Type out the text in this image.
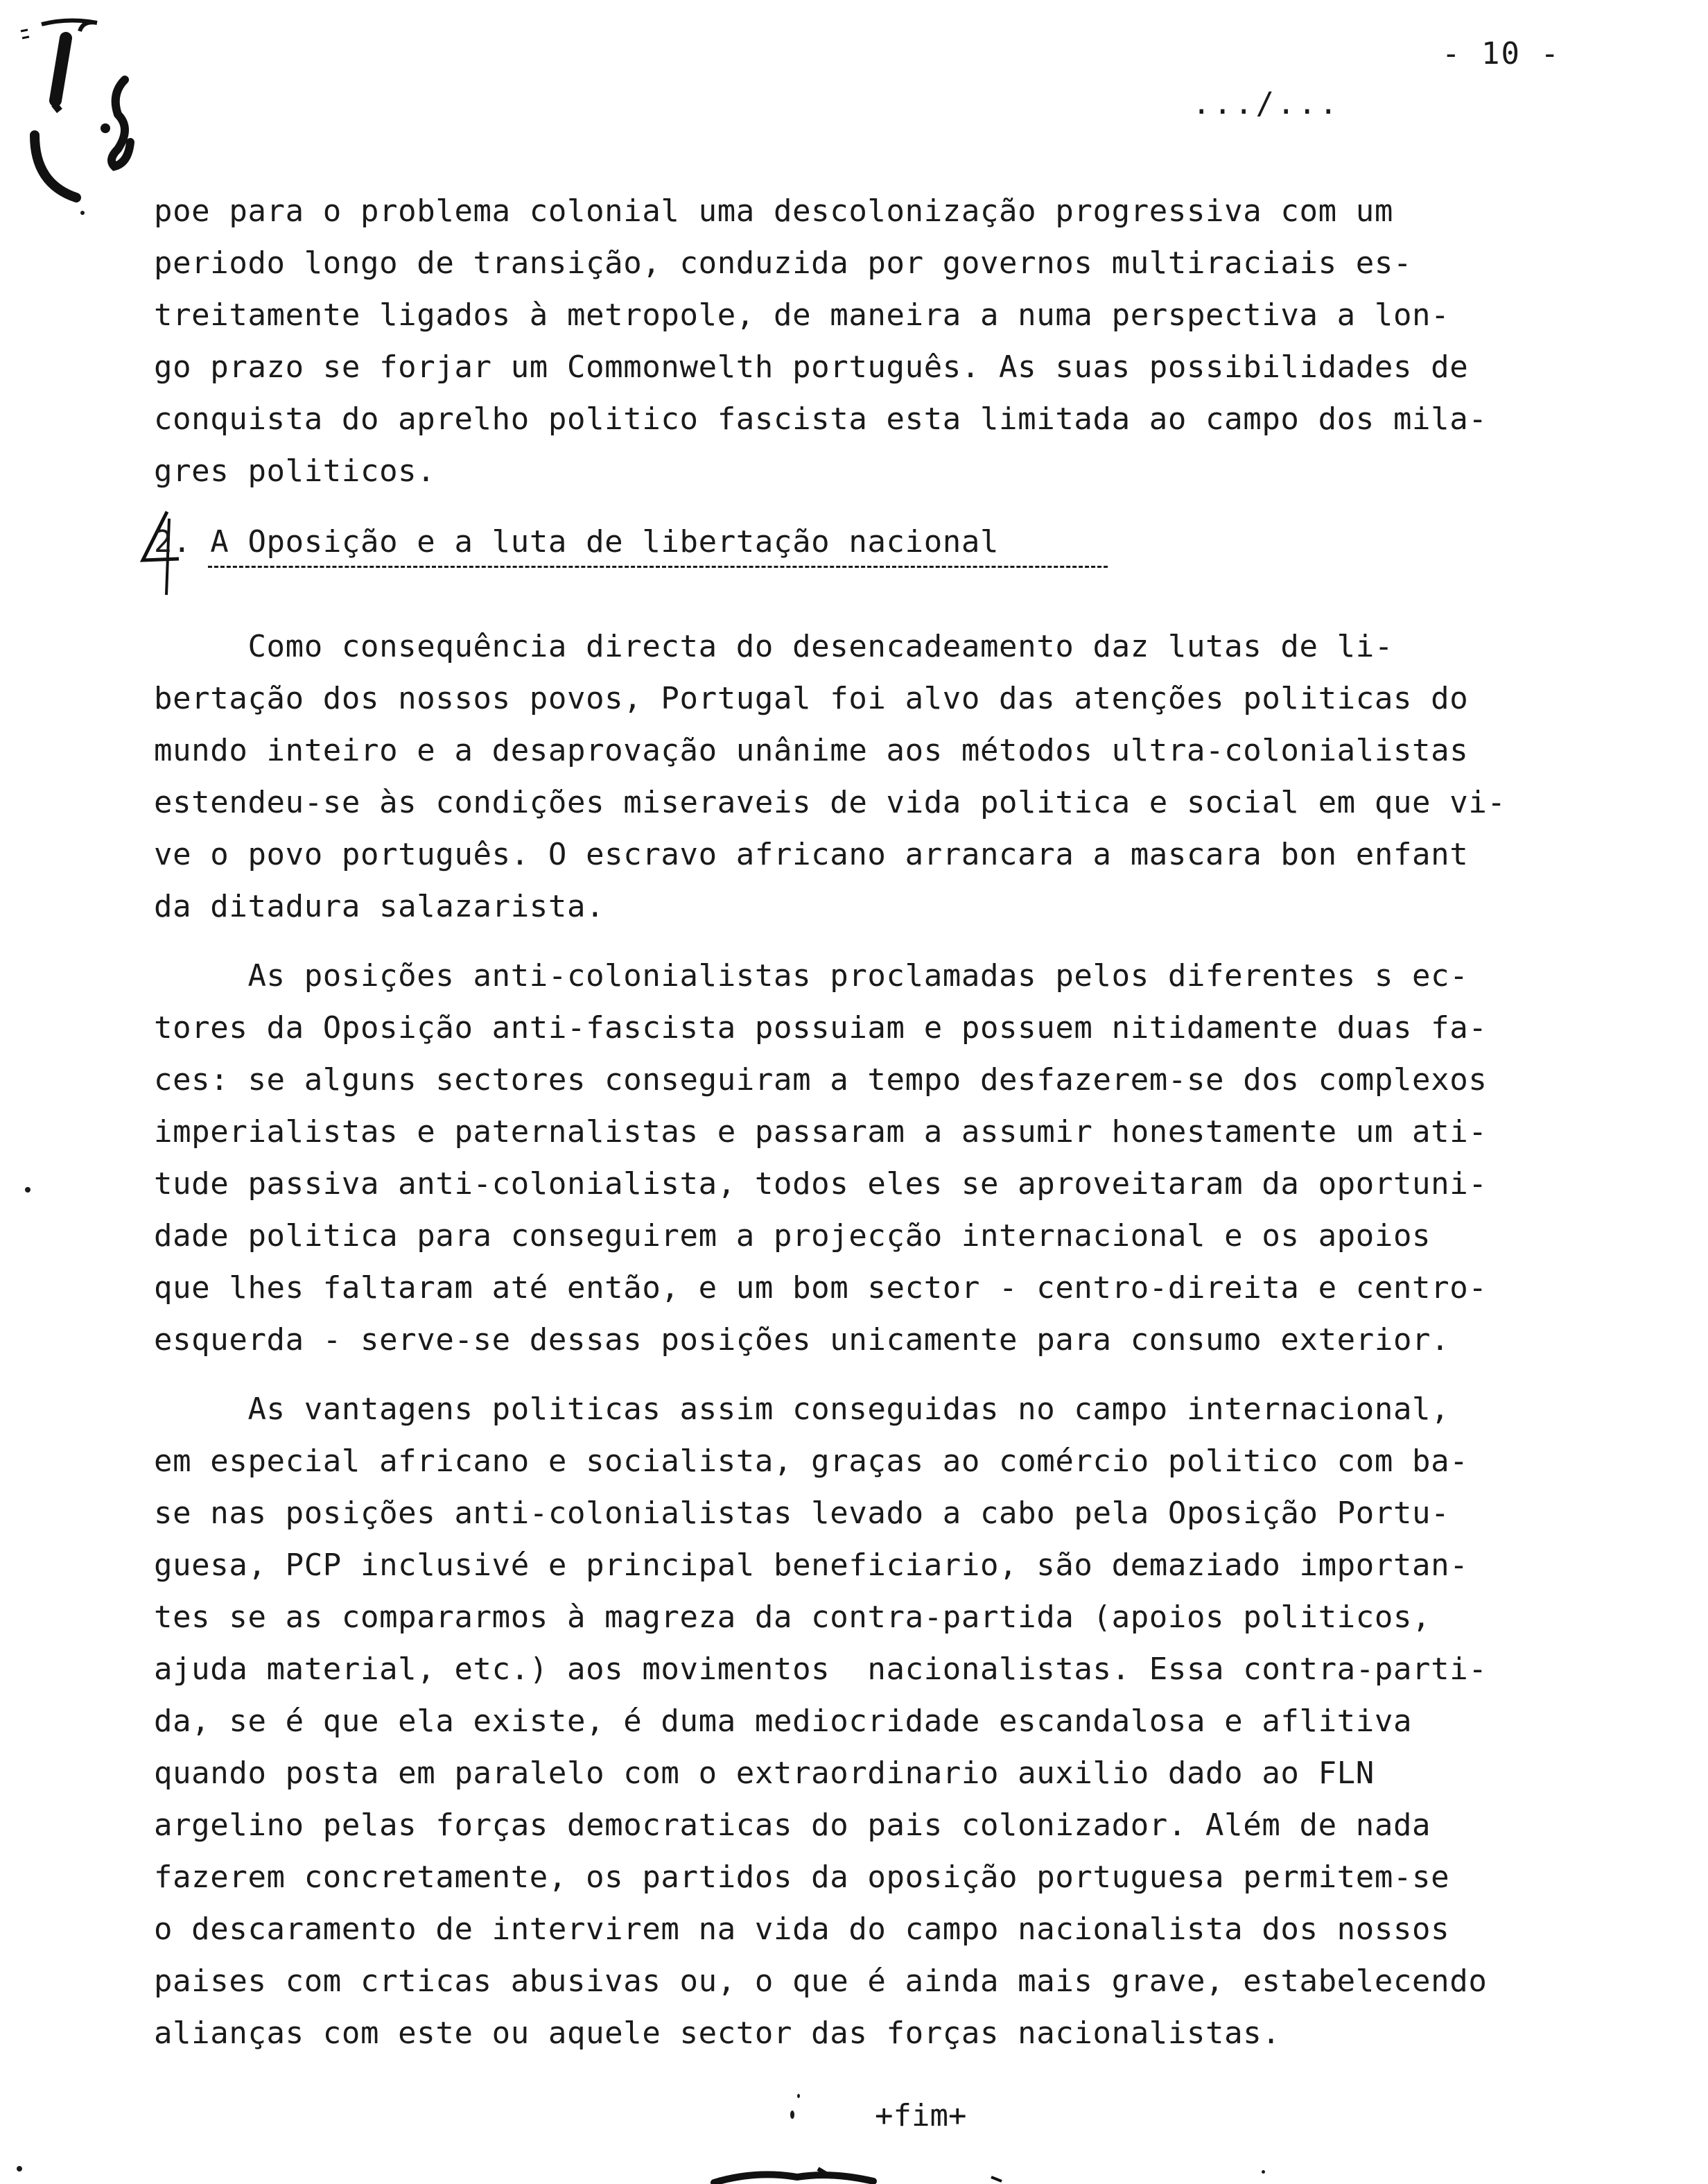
- 10 -
.../...
poe para o problema colonial uma descolonização progressiva com um
periodo longo de transição, conduzida por governos multiraciais es-
treitamente ligados à metropole, de maneira a numa perspectiva a lon-
go prazo se forjar um Commonwelth português. As suas possibilidades de
conquista do aprelho politico fascista esta limitada ao campo dos mila-
gres politicos.
2. A Oposição e a luta de libertação nacional
Como consequência directa do desencadeamento daz lutas de li-
bertação dos nossos povos, Portugal foi alvo das atenções politicas do
mundo inteiro e a desaprovação unânime aos métodos ultra-colonialistas
estendeu-se às condições miseraveis de vida politica e social em que vi-
ve o povo português. O escravo africano arrancara a mascara bon enfant
da ditadura salazarista.
As posições anti-colonialistas proclamadas pelos diferentes s ec-
tores da Oposição anti-fascista possuiam e possuem nitidamente duas fa-
ces: se alguns sectores conseguiram a tempo desfazerem-se dos complexos
imperialistas e paternalistas e passaram a assumir honestamente um ati-
tude passiva anti-colonialista, todos eles se aproveitaram da oportuni-
dade politica para conseguirem a projecção internacional e os apoios
que lhes faltaram até então, e um bom sector - centro-direita e centro-
esquerda - serve-se dessas posições unicamente para consumo exterior.
As vantagens politicas assim conseguidas no campo internacional,
em especial africano e socialista, graças ao comércio politico com ba-
se nas posições anti-colonialistas levado a cabo pela Oposição Portu-
guesa, PCP inclusivé e principal beneficiario, são demaziado importan-
tes se as compararmos à magreza da contra-partida (apoios politicos,
ajuda material, etc.) aos movimentos  nacionalistas. Essa contra-parti-
da, se é que ela existe, é duma mediocridade escandalosa e aflitiva
quando posta em paralelo com o extraordinario auxilio dado ao FLN
argelino pelas forças democraticas do pais colonizador. Além de nada
fazerem concretamente, os partidos da oposição portuguesa permitem-se
o descaramento de intervirem na vida do campo nacionalista dos nossos
paises com crticas abusivas ou, o que é ainda mais grave, estabelecendo
alianças com este ou aquele sector das forças nacionalistas.
+fim+
